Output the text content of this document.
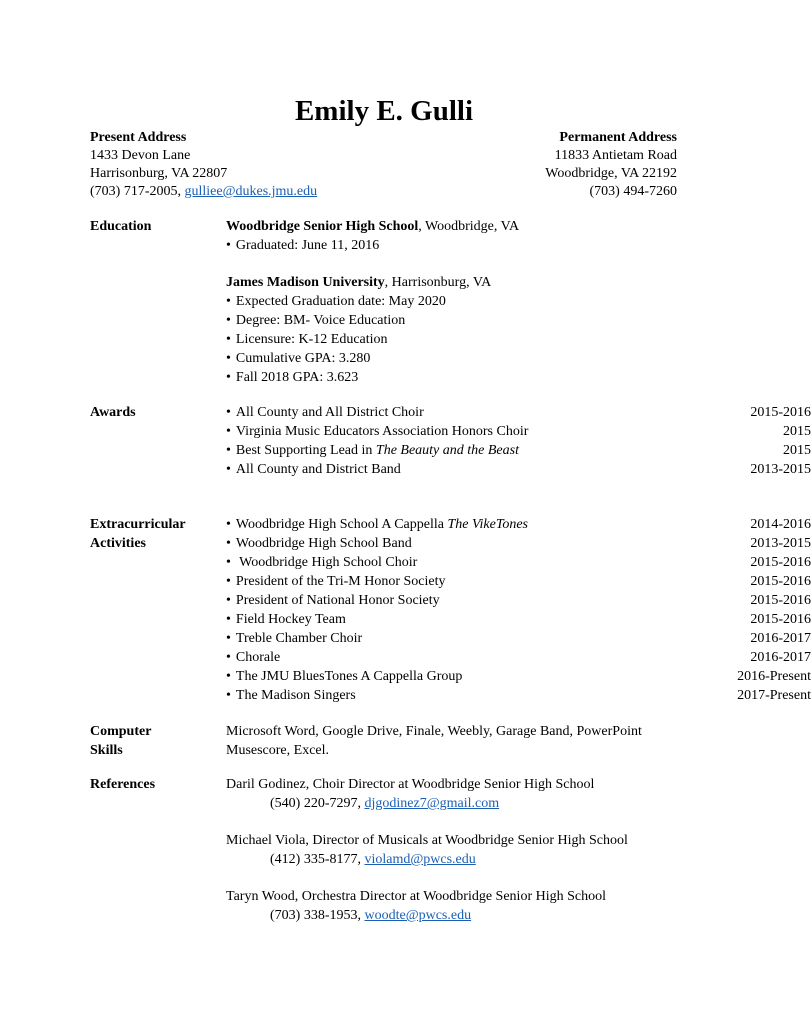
Emily E. Gulli
Present Address
1433 Devon Lane
Harrisonburg, VA 22807
(703) 717-2005, gulliee@dukes.jmu.edu
Permanent Address
11833 Antietam Road
Woodbridge, VA 22192
(703) 494-7260
Education	Woodbridge Senior High School, Woodbridge, VA
• Graduated: June 11, 2016
James Madison University, Harrisonburg, VA
• Expected Graduation date: May 2020
• Degree: BM- Voice Education
• Licensure: K-12 Education
• Cumulative GPA: 3.280
• Fall 2018 GPA: 3.623
Awards
•	All County and All District Choir	2015-2016
• Virginia Music Educators Association Honors Choir	2015
• Best Supporting Lead in The Beauty and the Beast	2015
• All County and District Band	2013-2015
Extracurricular
Activities
• Woodbridge High School A Cappella The VikeTones	2014-2016
• Woodbridge High School Band	2013-2015
• Woodbridge High School Choir	2015-2016
• President of the Tri-M Honor Society	2015-2016
• President of National Honor Society	2015-2016
• Field Hockey Team	2015-2016
• Treble Chamber Choir	2016-2017
• Chorale	2016-2017
• The JMU BluesTones A Cappella Group	2016-Present
• The Madison Singers	2017-Present
Computer
Skills
Microsoft Word, Google Drive, Finale, Weebly, Garage Band, PowerPoint
Musescore, Excel.
References	Daril Godinez, Choir Director at Woodbridge Senior High School
(540) 220-7297, djgodinez7@gmail.com
Michael Viola, Director of Musicals at Woodbridge Senior High School
(412) 335-8177, violamd@pwcs.edu
Taryn Wood, Orchestra Director at Woodbridge Senior High School
(703) 338-1953, woodte@pwcs.edu
